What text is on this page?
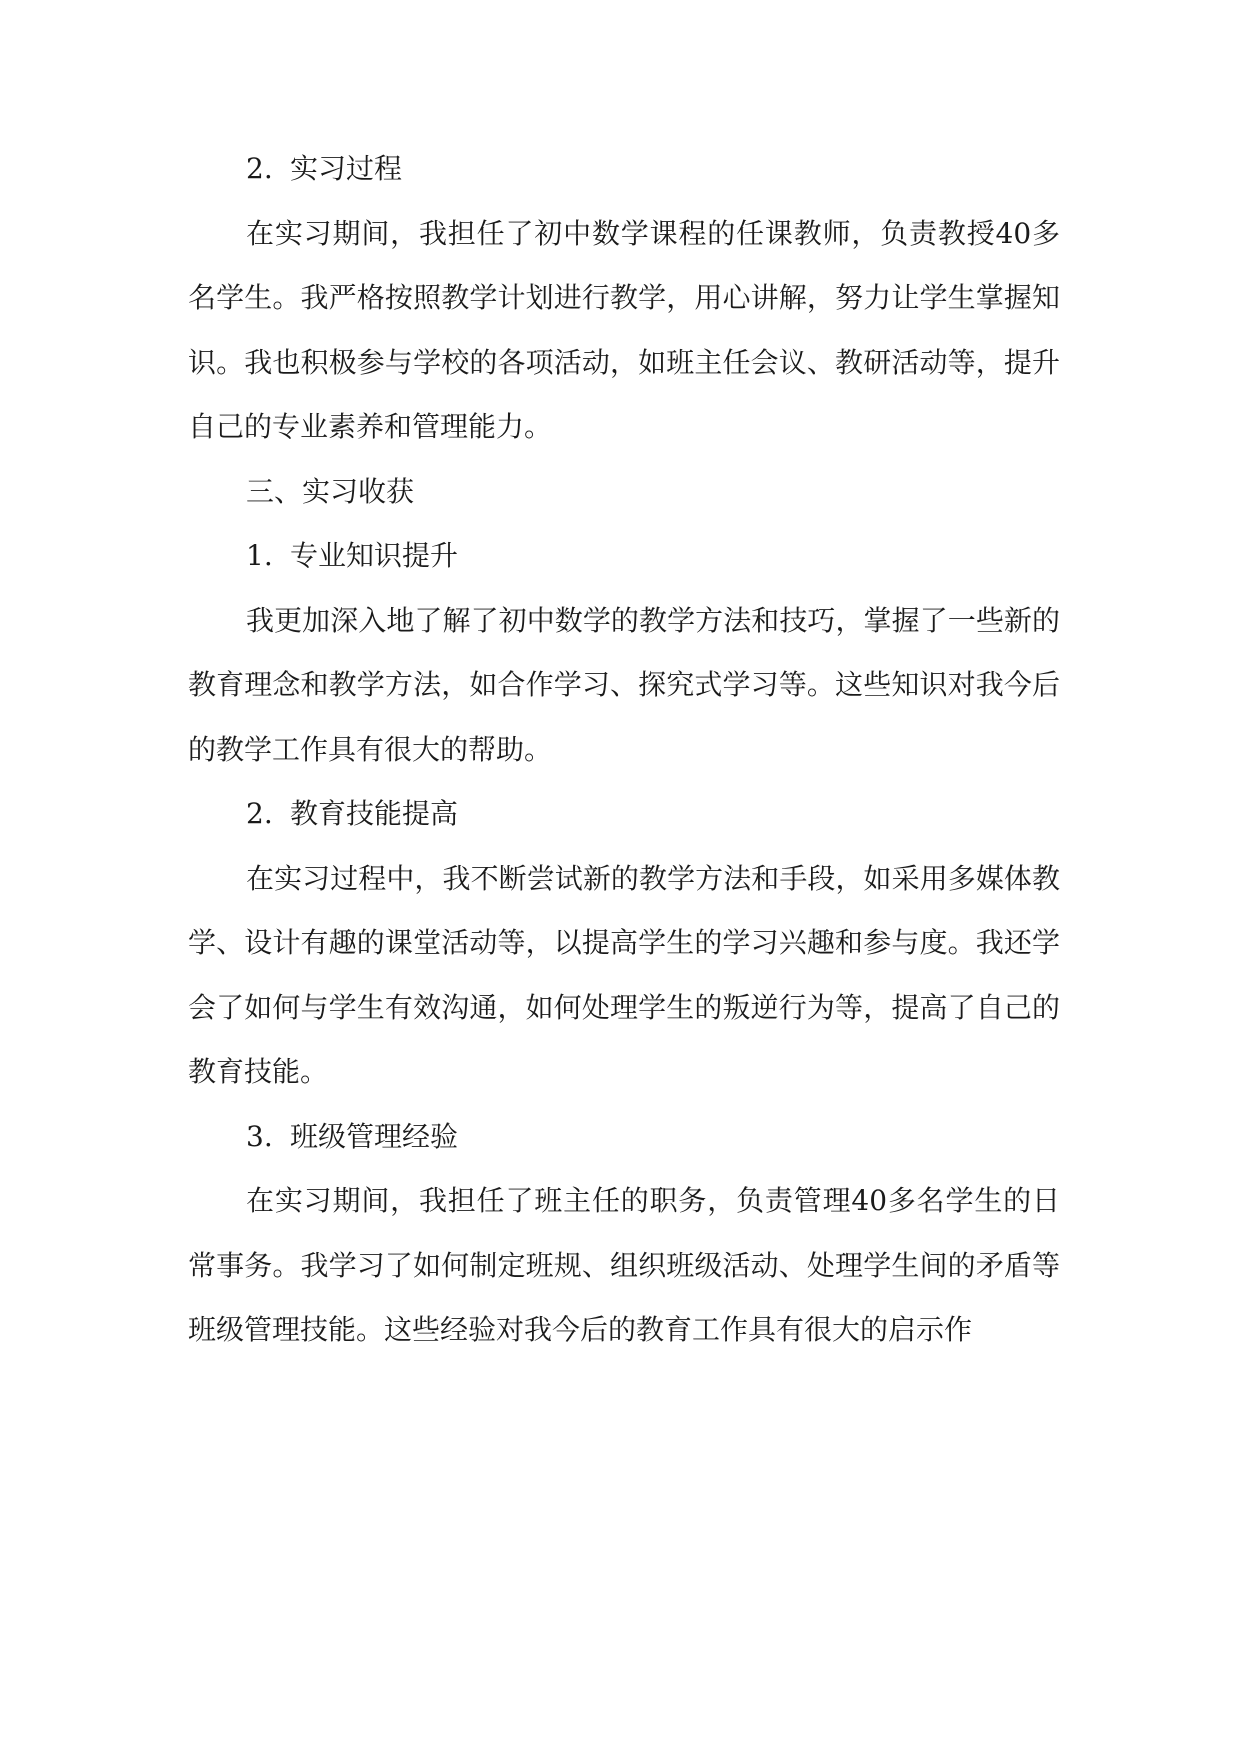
2. 实习过程

在实习期间，我担任了初中数学课程的任课教师，负责教授40多名学生。我严格按照教学计划进行教学，用心讲解，努力让学生掌握知识。我也积极参与学校的各项活动，如班主任会议、教研活动等，提升自己的专业素养和管理能力。

三、实习收获

1. 专业知识提升

我更加深入地了解了初中数学的教学方法和技巧，掌握了一些新的教育理念和教学方法，如合作学习、探究式学习等。这些知识对我今后的教学工作具有很大的帮助。

2. 教育技能提高

在实习过程中，我不断尝试新的教学方法和手段，如采用多媒体教学、设计有趣的课堂活动等，以提高学生的学习兴趣和参与度。我还学会了如何与学生有效沟通，如何处理学生的叛逆行为等，提高了自己的教育技能。

3. 班级管理经验

在实习期间，我担任了班主任的职务，负责管理40多名学生的日常事务。我学习了如何制定班规、组织班级活动、处理学生间的矛盾等班级管理技能。这些经验对我今后的教育工作具有很大的启示作
